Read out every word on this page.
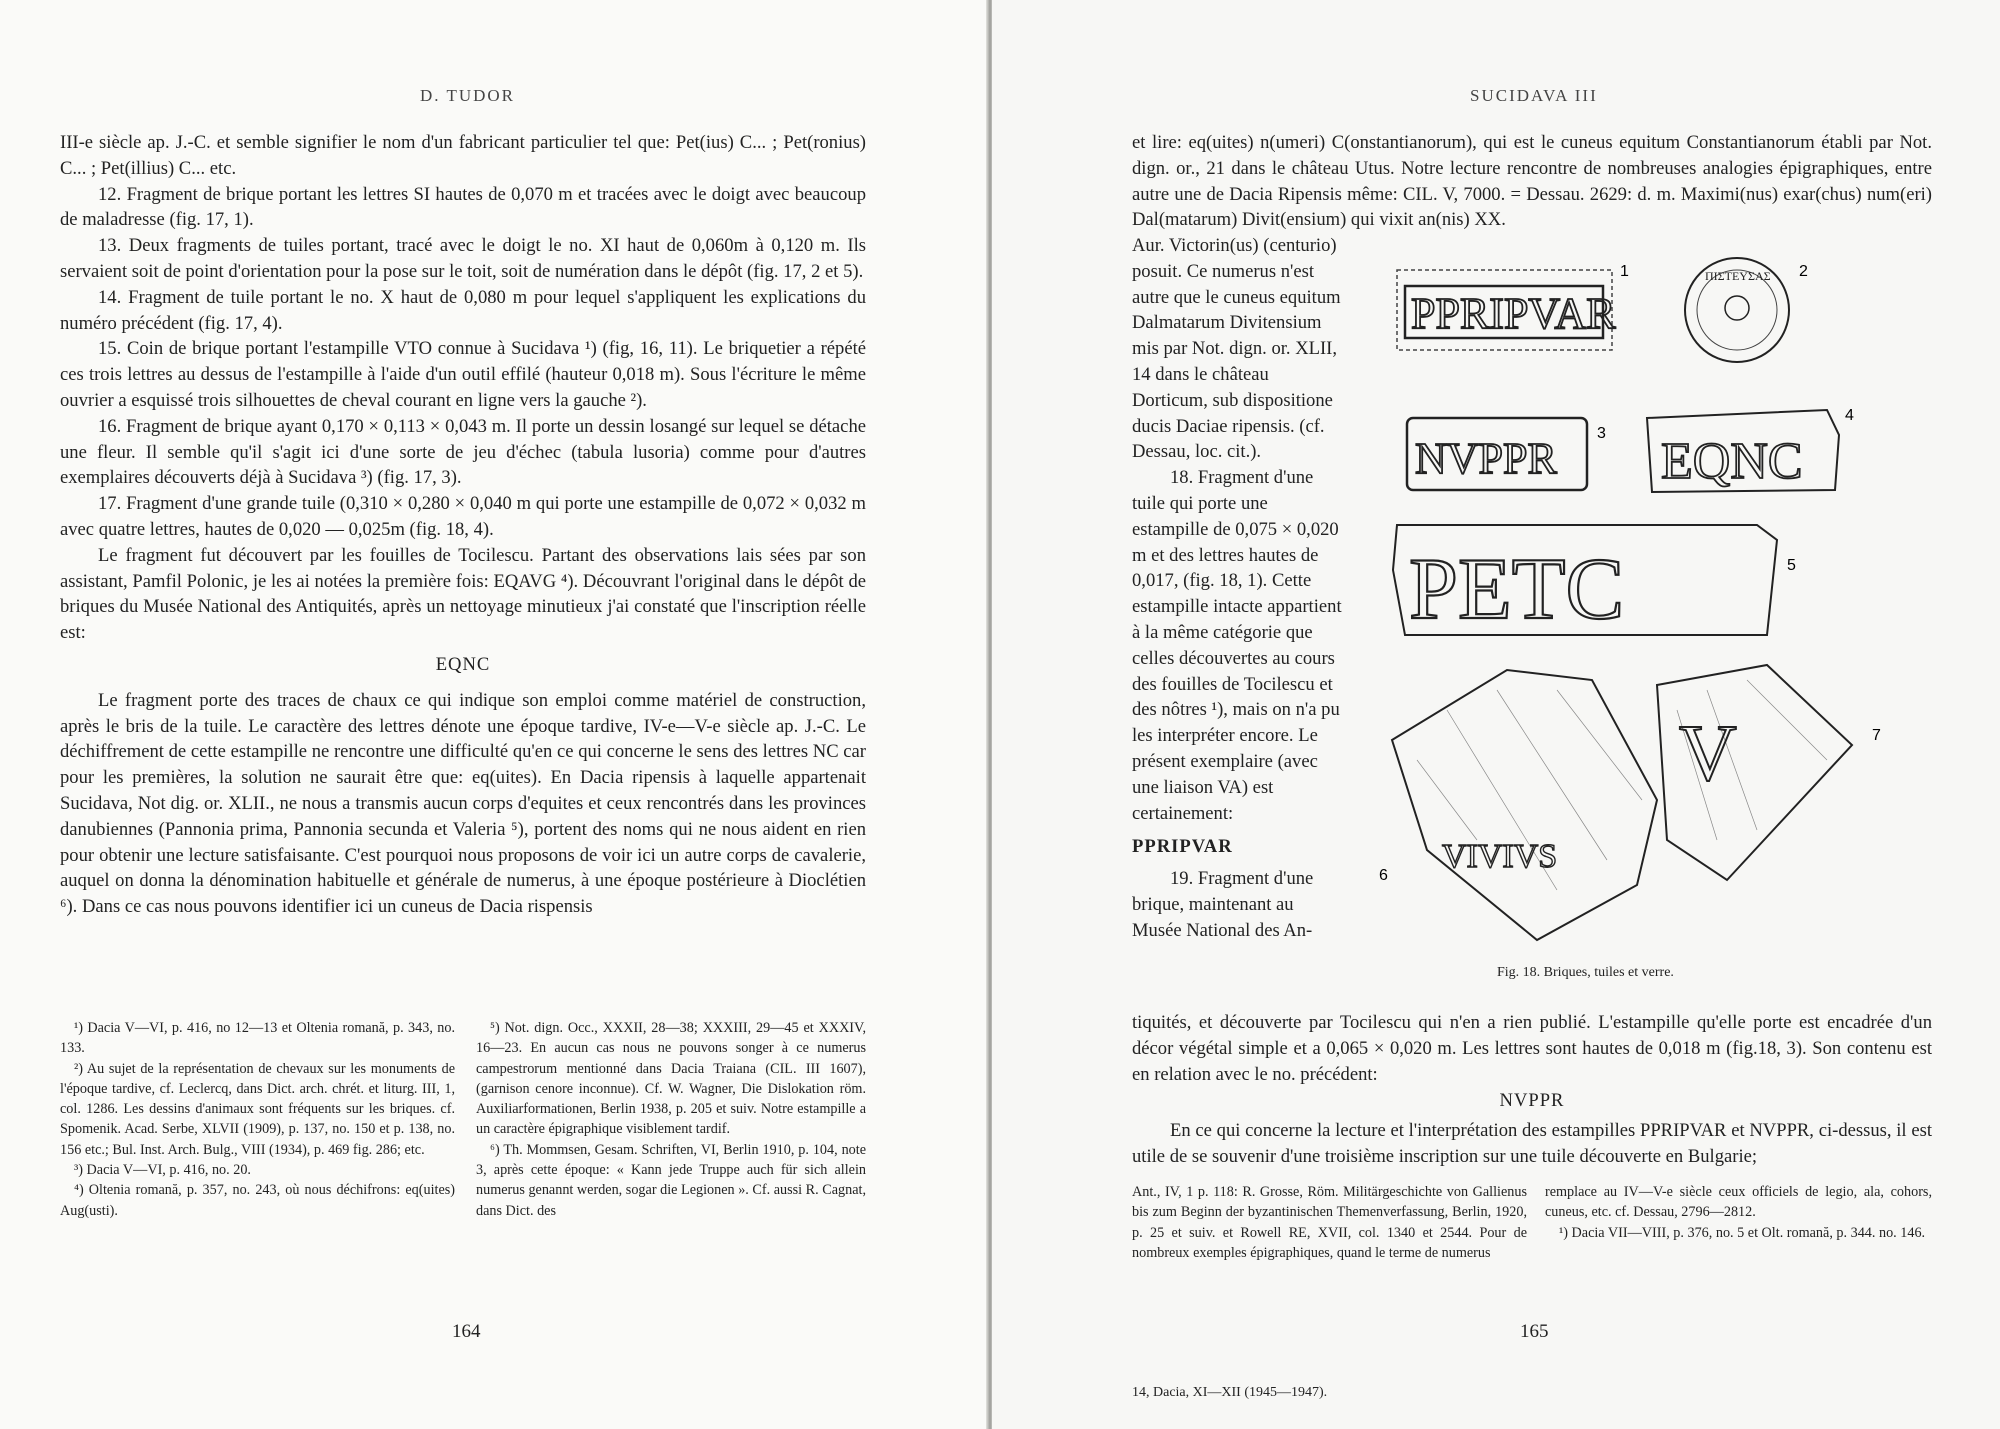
D. TUDOR

III-e siècle ap. J.-C. et semble signifier le nom d'un fabricant particulier tel que: Pet(ius) C... ; Pet(ronius) C... ; Pet(illius) C... etc.

12. Fragment de brique portant les lettres SI hautes de 0,070 m et tracées avec le doigt avec beaucoup de maladresse (fig. 17, 1).

13. Deux fragments de tuiles portant, tracé avec le doigt le no. XI haut de 0,060m à 0,120 m. Ils servaient soit de point d'orientation pour la pose sur le toit, soit de numération dans le dépôt (fig. 17, 2 et 5).

14. Fragment de tuile portant le no. X haut de 0,080 m pour lequel s'appliquent les explications du numéro précédent (fig. 17, 4).

15. Coin de brique portant l'estampille VTO connue à Sucidava ¹) (fig, 16, 11). Le briquetier a répété ces trois lettres au dessus de l'estampille à l'aide d'un outil effilé (hauteur 0,018 m). Sous l'écriture le même ouvrier a esquissé trois silhouettes de cheval courant en ligne vers la gauche ²).

16. Fragment de brique ayant 0,170 × 0,113 × 0,043 m. Il porte un dessin losangé sur lequel se détache une fleur. Il semble qu'il s'agit ici d'une sorte de jeu d'échec (tabula lusoria) comme pour d'autres exemplaires découverts déjà à Sucidava ³) (fig. 17, 3).

17. Fragment d'une grande tuile (0,310 × 0,280 × 0,040 m qui porte une estampille de 0,072 × 0,032 m avec quatre lettres, hautes de 0,020 — 0,025m (fig. 18, 4).

Le fragment fut découvert par les fouilles de Tocilescu. Partant des observations lais sées par son assistant, Pamfil Polonic, je les ai notées la première fois: EQAVG ⁴). Découvrant l'original dans le dépôt de briques du Musée National des Antiquités, après un nettoyage minutieux j'ai constaté que l'inscription réelle est:

EQNC

Le fragment porte des traces de chaux ce qui indique son emploi comme matériel de construction, après le bris de la tuile. Le caractère des lettres dénote une époque tardive, IV-e—V-e siècle ap. J.-C. Le déchiffrement de cette estampille ne rencontre une difficulté qu'en ce qui concerne le sens des lettres NC car pour les premières, la solution ne saurait être que: eq(uites). En Dacia ripensis à laquelle appartenait Sucidava, Not dig. or. XLII., ne nous a transmis aucun corps d'equites et ceux rencontrés dans les provinces danubiennes (Pannonia prima, Pannonia secunda et Valeria ⁵), portent des noms qui ne nous aident en rien pour obtenir une lecture satisfaisante. C'est pourquoi nous proposons de voir ici un autre corps de cavalerie, auquel on donna la dénomination habituelle et générale de numerus, à une époque postérieure à Dioclétien ⁶). Dans ce cas nous pouvons identifier ici un cuneus de Dacia rispensis

¹) Dacia V—VI, p. 416, no 12—13 et Oltenia romană, p. 343, no. 133.

²) Au sujet de la représentation de chevaux sur les monuments de l'époque tardive, cf. Leclercq, dans Dict. arch. chrét. et liturg. III, 1, col. 1286. Les dessins d'animaux sont fréquents sur les briques. cf. Spomenik. Acad. Serbe, XLVII (1909), p. 137, no. 150 et p. 138, no. 156 etc.; Bul. Inst. Arch. Bulg., VIII (1934), p. 469 fig. 286; etc.

³) Dacia V—VI, p. 416, no. 20.

⁴) Oltenia romană, p. 357, no. 243, où nous déchifrons: eq(uites) Aug(usti).

⁵) Not. dign. Occ., XXXII, 28—38; XXXIII, 29—45 et XXXIV, 16—23. En aucun cas nous ne pouvons songer à ce numerus campestrorum mentionné dans Dacia Traiana (CIL. III 1607), (garnison cenore inconnue). Cf. W. Wagner, Die Dislokation röm. Auxiliarformationen, Berlin 1938, p. 205 et suiv. Notre estampille a un caractère épigraphique visiblement tardif.

⁶) Th. Mommsen, Gesam. Schriften, VI, Berlin 1910, p. 104, note 3, après cette époque: « Kann jede Truppe auch für sich allein numerus genannt werden, sogar die Legionen ». Cf. aussi R. Cagnat, dans Dict. des

164
SUCIDAVA III
et lire: eq(uites) n(umeri) C(onstantianorum), qui est le cuneus equitum Constantianorum établi par Not. dign. or., 21 dans le château Utus. Notre lecture rencontre de nombreuses analogies épigraphiques, entre autre une de Dacia Ripensis même: CIL. V, 7000. = Dessau. 2629: d. m. Maximi(nus) exar(chus) num(eri) Dal(matarum) Divit(ensium) qui vixit an(nis) XX.

Aur. Victorin(us) (centurio) posuit. Ce numerus n'est autre que le cuneus equitum Dalmatarum Divitensium mis par Not. dign. or. XLII, 14 dans le château Dorticum, sub dispositione ducis Daciae ripensis. (cf. Dessau, loc. cit.).

18. Fragment d'une tuile qui porte une estampille de 0,075 × 0,020 m et des lettres hautes de 0,017, (fig. 18, 1). Cette estampille intacte appartient à la même catégorie que celles découvertes au cours des fouilles de Tocilescu et des nôtres ¹), mais on n'a pu les interpréter encore. Le présent exemplaire (avec une liaison VA) est certainement:

PPRIPVAR

19. Fragment d'une brique, maintenant au Musée National des An-

PPRIPVAR
1	ΠΙΣΤΕΥΣΑΣ 2
NVPPR
3 EQNC
4
PETC	5
VIVIVS
6
V	7
Fig. 18. Briques, tuiles et verre.
tiquités, et découverte par Tocilescu qui n'en a rien publié. L'estampille qu'elle porte est encadrée d'un décor végétal simple et a 0,065 × 0,020 m. Les lettres sont hautes de 0,018 m (fig.18, 3). Son contenu est en relation avec le no. précédent:
NVPPR
En ce qui concerne la lecture et l'interprétation des estampilles PPRIPVAR et NVPPR, ci-dessus, il est utile de se souvenir d'une troisième inscription sur une tuile découverte en Bulgarie;
Ant., IV, 1 p. 118: R. Grosse, Röm. Militärgeschichte von Gallienus bis zum Beginn der byzantinischen Themenverfassung, Berlin, 1920, p. 25 et suiv. et Rowell RE, XVII, col. 1340 et 2544. Pour de nombreux exemples épigraphiques, quand le terme de numerus

remplace au IV—V-e siècle ceux officiels de legio, ala, cohors, cuneus, etc. cf. Dessau, 2796—2812.

¹) Dacia VII—VIII, p. 376, no. 5 et Olt. romană, p. 344. no. 146.

165
14, Dacia, XI—XII (1945—1947).
